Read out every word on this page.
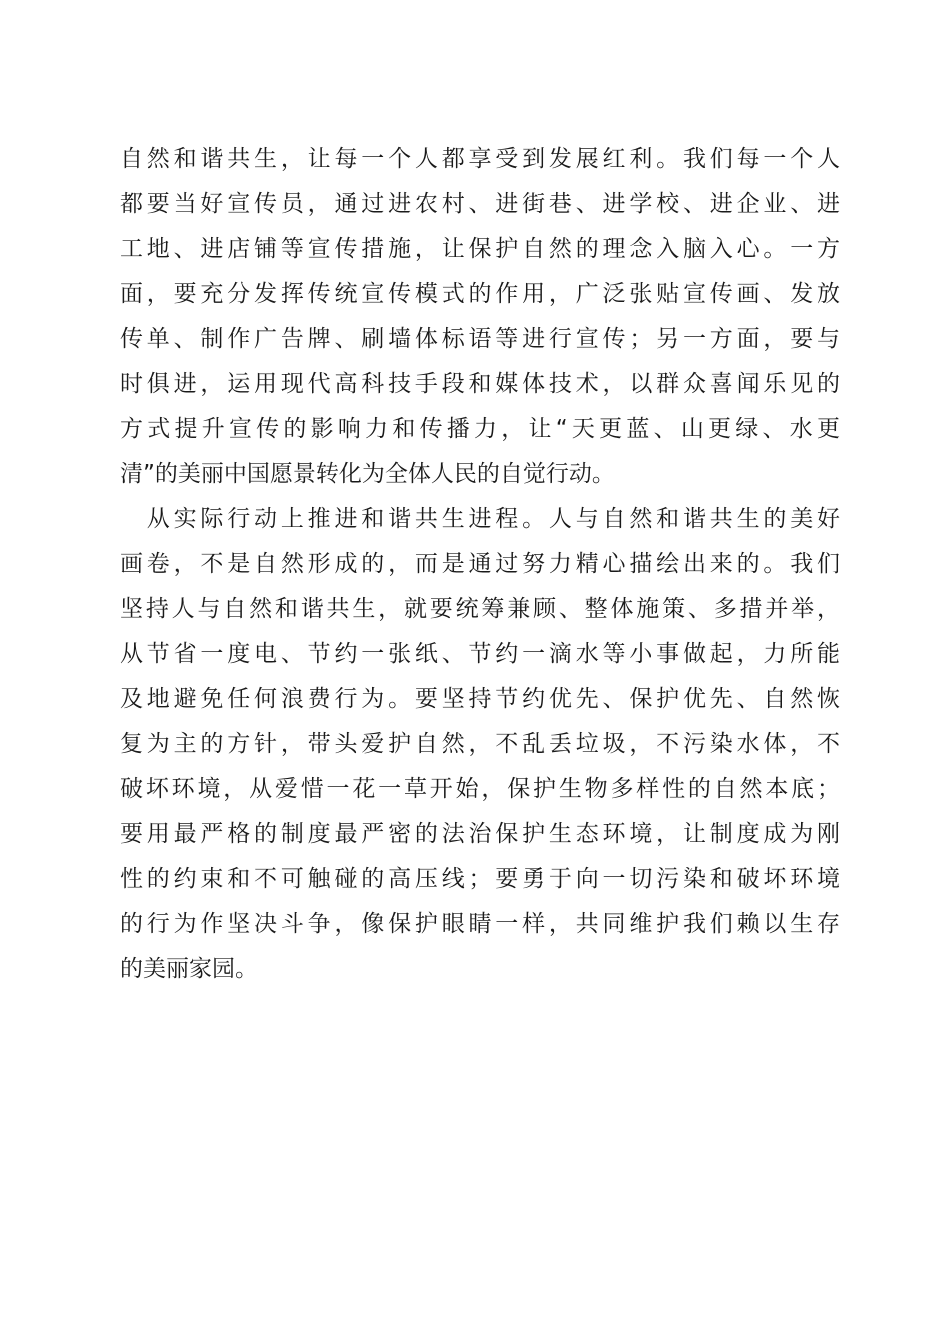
自然和谐共生，让每一个人都享受到发展红利。我们每一个人
都要当好宣传员，通过进农村、进街巷、进学校、进企业、进
工地、进店铺等宣传措施，让保护自然的理念入脑入心。一方
面，要充分发挥传统宣传模式的作用，广泛张贴宣传画、发放
传单、制作广告牌、刷墙体标语等进行宣传；另一方面，要与
时俱进，运用现代高科技手段和媒体技术，以群众喜闻乐见的
方式提升宣传的影响力和传播力，让“天更蓝、山更绿、水更
清”的美丽中国愿景转化为全体人民的自觉行动。
　从实际行动上推进和谐共生进程。人与自然和谐共生的美好
画卷，不是自然形成的，而是通过努力精心描绘出来的。我们
坚持人与自然和谐共生，就要统筹兼顾、整体施策、多措并举，
从节省一度电、节约一张纸、节约一滴水等小事做起，力所能
及地避免任何浪费行为。要坚持节约优先、保护优先、自然恢
复为主的方针，带头爱护自然，不乱丢垃圾，不污染水体，不
破坏环境，从爱惜一花一草开始，保护生物多样性的自然本底；
要用最严格的制度最严密的法治保护生态环境，让制度成为刚
性的约束和不可触碰的高压线；要勇于向一切污染和破坏环境
的行为作坚决斗争，像保护眼睛一样，共同维护我们赖以生存
的美丽家园。
